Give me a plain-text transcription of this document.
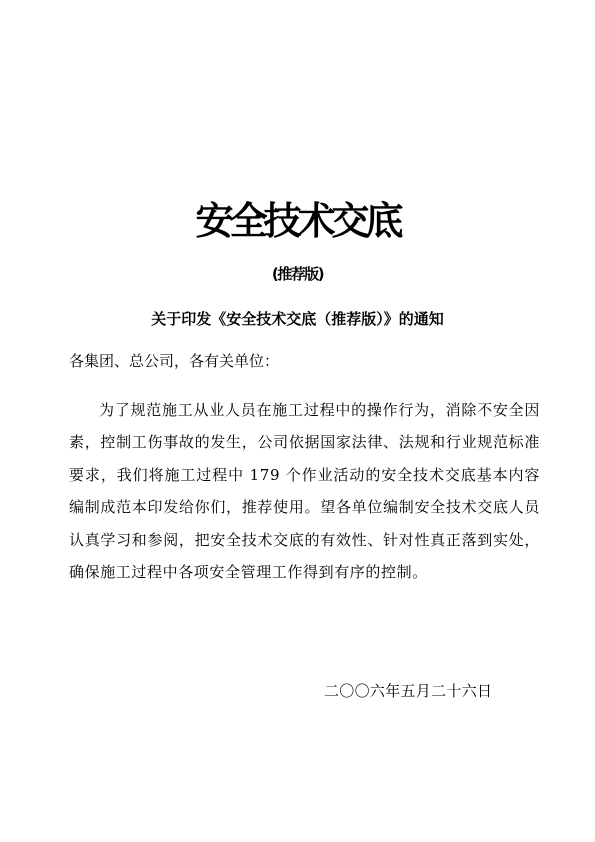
安全技术交底
(推荐版)
关于印发《安全技术交底（推荐版）》的通知
各集团、总公司，各有关单位：

为了规范施工从业人员在施工过程中的操作行为，消除不安全因素，控制工伤事故的发生，公司依据国家法律、法规和行业规范标准要求，我们将施工过程中 179 个作业活动的安全技术交底基本内容编制成范本印发给你们，推荐使用。望各单位编制安全技术交底人员认真学习和参阅，把安全技术交底的有效性、针对性真正落到实处，确保施工过程中各项安全管理工作得到有序的控制。

二〇〇六年五月二十六日
